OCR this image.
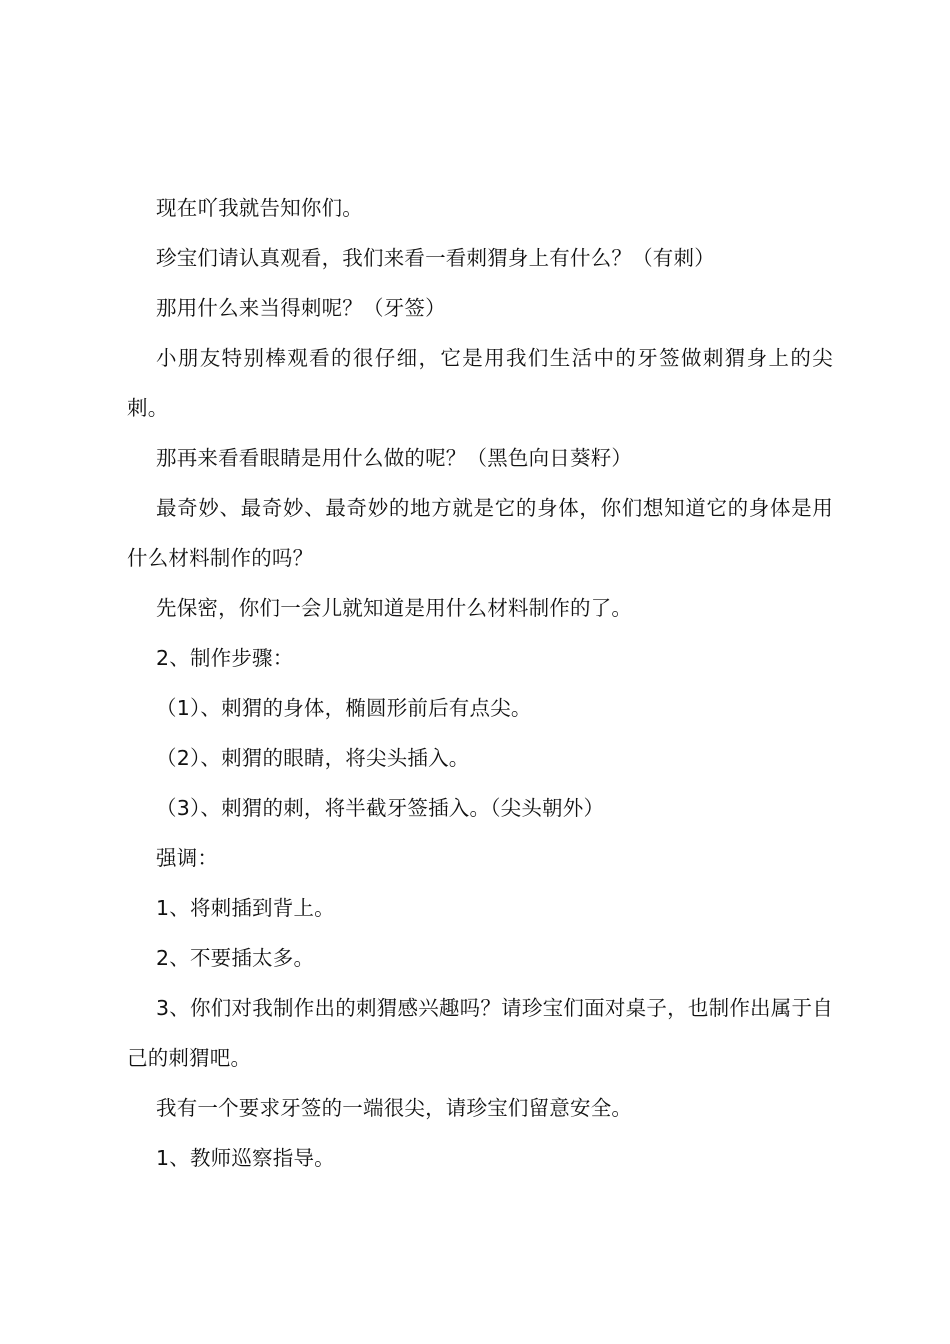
现在吖我就告知你们。

珍宝们请认真观看，我们来看一看刺猬身上有什么？（有刺）

那用什么来当得刺呢？（牙签）

小朋友特别棒观看的很仔细，它是用我们生活中的牙签做刺猬身上的尖刺。

那再来看看眼睛是用什么做的呢？（黑色向日葵籽）

最奇妙、最奇妙、最奇妙的地方就是它的身体，你们想知道它的身体是用什么材料制作的吗？

先保密，你们一会儿就知道是用什么材料制作的了。

2、制作步骤：

（1）、刺猬的身体，椭圆形前后有点尖。

（2）、刺猬的眼睛，将尖头插入。

（3）、刺猬的刺，将半截牙签插入。（尖头朝外）

强调：

1、将刺插到背上。

2、不要插太多。

3、你们对我制作出的刺猬感兴趣吗？请珍宝们面对桌子，也制作出属于自己的刺猬吧。

我有一个要求牙签的一端很尖，请珍宝们留意安全。

1、教师巡察指导。
